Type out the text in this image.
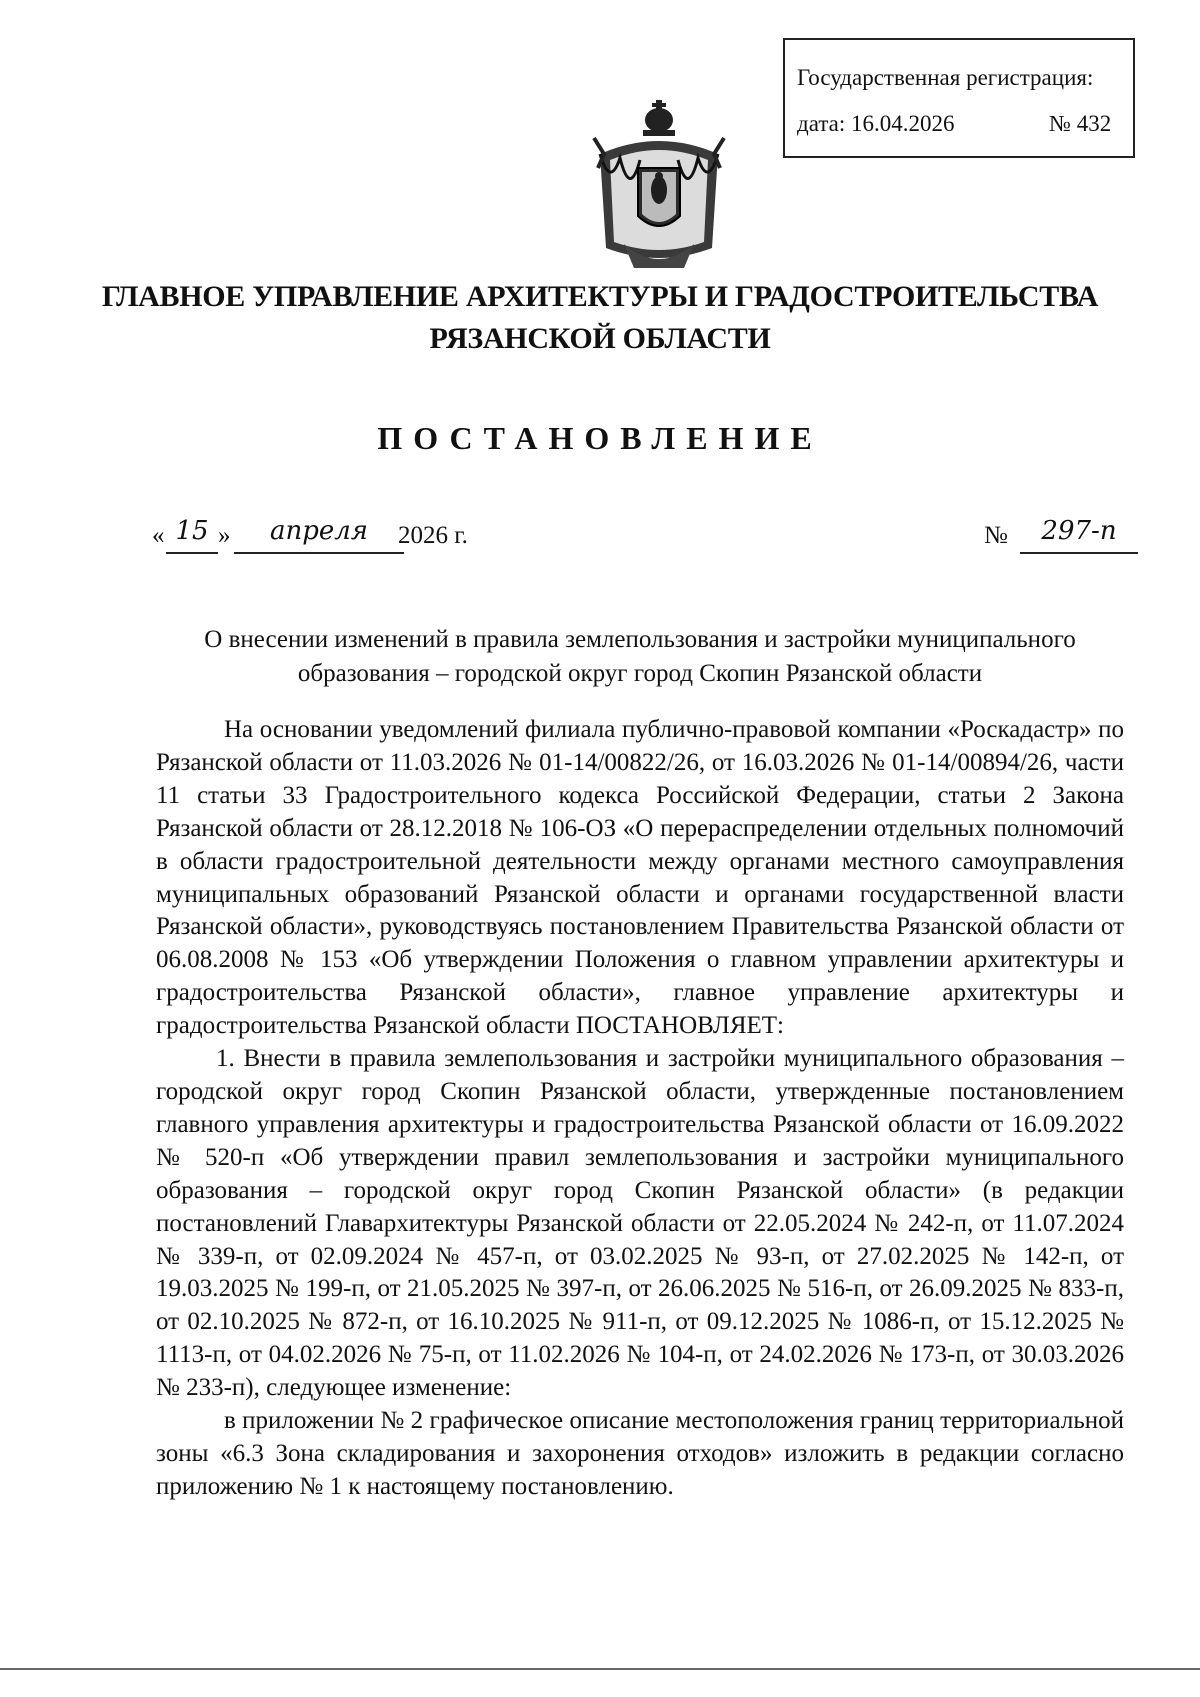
Государственная регистрация:
дата: 16.04.2026	№ 432
ГЛАВНОЕ УПРАВЛЕНИЕ АРХИТЕКТУРЫ И ГРАДОСТРОИТЕЛЬСТВА
РЯЗАНСКОЙ ОБЛАСТИ
ПОСТАНОВЛЕНИЕ
« 15 »	апреля	2026 г.	№	297-п
О внесении изменений в правила землепользования и застройки муниципального
образования – городской округ город Скопин Рязанской области

На основании уведомлений филиала публично-правовой компании «Роскадастр» по Рязанской области от 11.03.2026 № 01-14/00822/26, от 16.03.2026 № 01-14/00894/26, части 11 статьи 33 Градостроительного кодекса Российской Федерации, статьи 2 Закона Рязанской области от 28.12.2018 № 106-ОЗ «О перераспределении отдельных полномочий в области градостроительной деятельности между органами местного самоуправления муниципальных образований Рязанской области и органами государственной власти Рязанской области», руководствуясь постановлением Правительства Рязанской области от 06.08.2008 № 153 «Об утверждении Положения о главном управлении архитектуры и градостроительства Рязанской области», главное управление архитектуры и градостроительства Рязанской области ПОСТАНОВЛЯЕТ:

1. Внести в правила землепользования и застройки муниципального образования – городской округ город Скопин Рязанской области, утвержденные постановлением главного управления архитектуры и градостроительства Рязанской области от 16.09.2022 № 520-п «Об утверждении правил землепользования и застройки муниципального образования – городской округ город Скопин Рязанской области» (в редакции постановлений Главархитектуры Рязанской области от 22.05.2024 № 242-п, от 11.07.2024 № 339-п, от 02.09.2024 № 457-п, от 03.02.2025 № 93-п, от 27.02.2025 № 142-п, от 19.03.2025 № 199-п, от 21.05.2025 № 397-п, от 26.06.2025 № 516-п, от 26.09.2025 № 833-п, от 02.10.2025 № 872-п, от 16.10.2025 № 911-п, от 09.12.2025 № 1086-п, от 15.12.2025 № 1113-п, от 04.02.2026 № 75-п, от 11.02.2026 № 104-п, от 24.02.2026 № 173-п, от 30.03.2026 № 233-п), следующее изменение:

в приложении № 2 графическое описание местоположения границ территориальной зоны «6.3 Зона складирования и захоронения отходов» изложить в редакции согласно приложению № 1 к настоящему постановлению.
